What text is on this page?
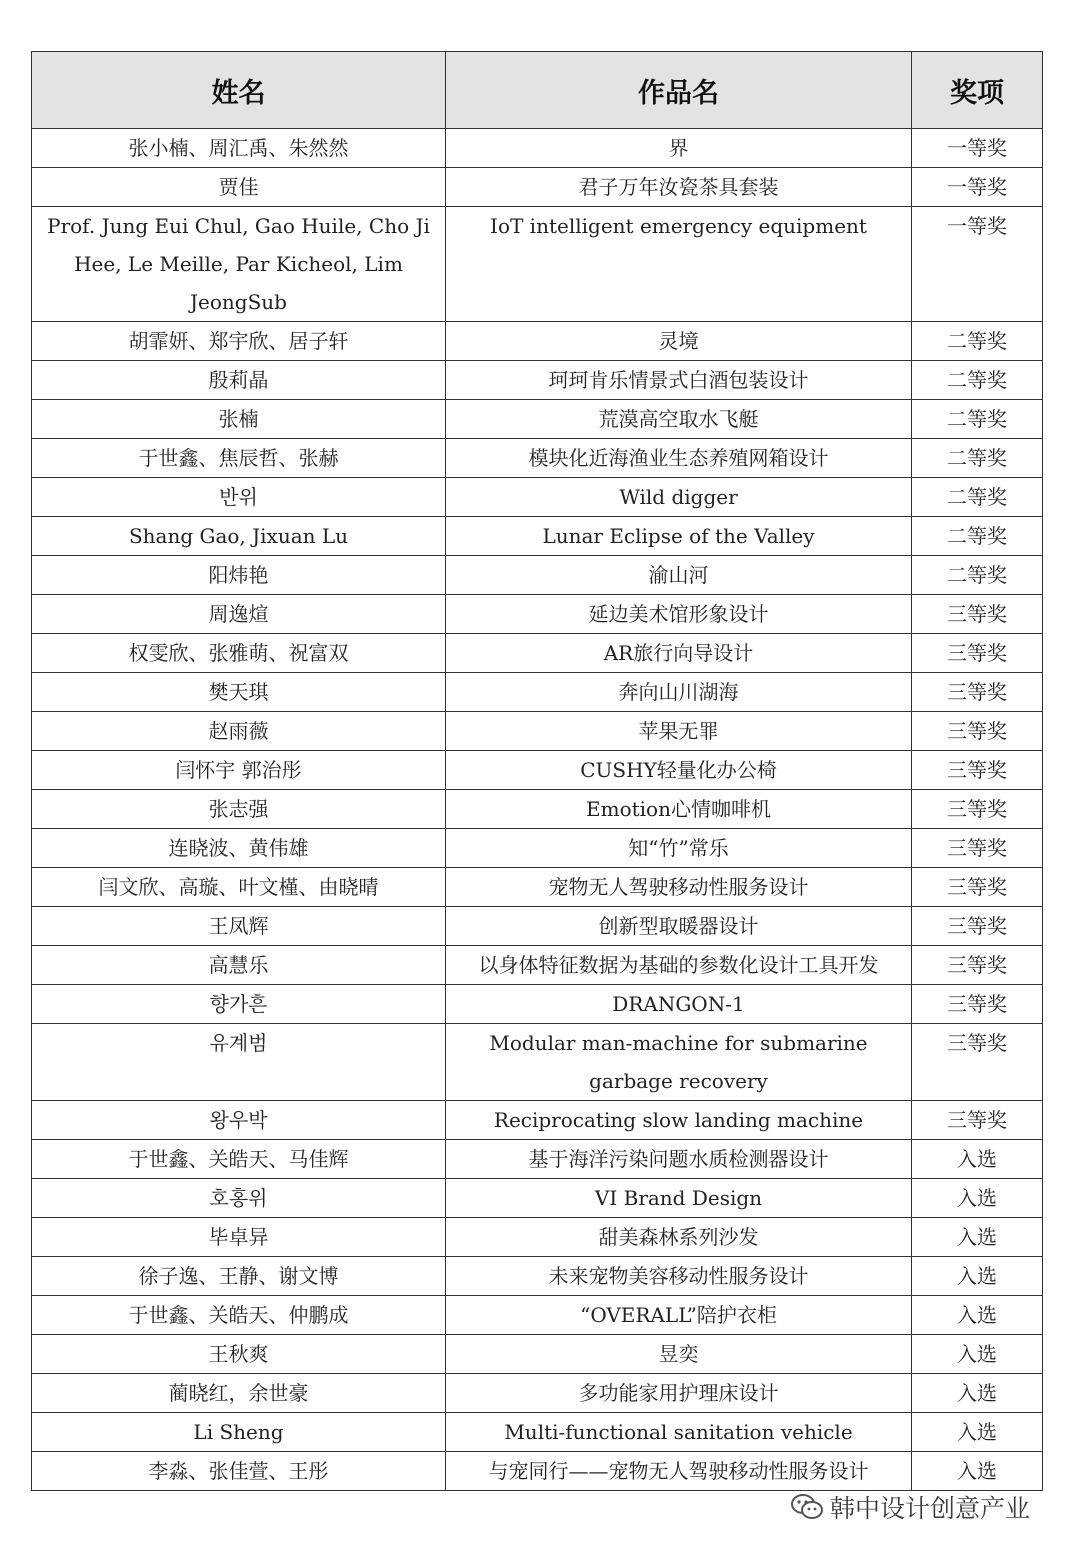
姓名	作品名	奖项
张小楠、周汇禹、朱然然	界	一等奖
贾佳	君子万年汝瓷茶具套装	一等奖
Prof. Jung Eui Chul, Gao Huile, Cho Ji Hee, Le Meille, Par Kicheol, Lim JeongSub	IoT intelligent emergency equipment	一等奖
胡霏妍、郑宇欣、居子轩	灵境	二等奖
殷莉晶	珂珂肯乐情景式白酒包装设计	二等奖
张楠	荒漠高空取水飞艇	二等奖
于世鑫、焦辰哲、张赫	模块化近海渔业生态养殖网箱设计	二等奖
반위	Wild digger	二等奖
Shang Gao, Jixuan Lu	Lunar Eclipse of the Valley	二等奖
阳炜艳	渝山河	二等奖
周逸煊	延边美术馆形象设计	三等奖
权雯欣、张雅萌、祝富双	AR旅行向导设计	三等奖
樊天琪	奔向山川湖海	三等奖
赵雨薇	苹果无罪	三等奖
闫怀宇 郭治彤	CUSHY轻量化办公椅	三等奖
张志强	Emotion心情咖啡机	三等奖
连晓波、黄伟雄	知“竹”常乐	三等奖
闫文欣、高璇、叶文槿、由晓晴	宠物无人驾驶移动性服务设计	三等奖
王凤辉	创新型取暖器设计	三等奖
高慧乐	以身体特征数据为基础的参数化设计工具开发	三等奖
향가흔	DRANGON-1	三等奖
유계범	Modular man-machine for submarine garbage recovery	三等奖
왕우박	Reciprocating slow landing machine	三等奖
于世鑫、关皓天、马佳辉	基于海洋污染问题水质检测器设计	入选
호홍위	VI Brand Design	入选
毕卓异	甜美森林系列沙发	入选
徐子逸、王静、谢文博	未来宠物美容移动性服务设计	入选
于世鑫、关皓天、仲鹏成	“OVERALL”陪护衣柜	入选
王秋爽	昱奕	入选
蔺晓红，余世豪	多功能家用护理床设计	入选
Li Sheng	Multi-functional sanitation vehicle	入选
李淼、张佳萱、王彤	与宠同行——宠物无人驾驶移动性服务设计	入选
韩中设计创意产业
